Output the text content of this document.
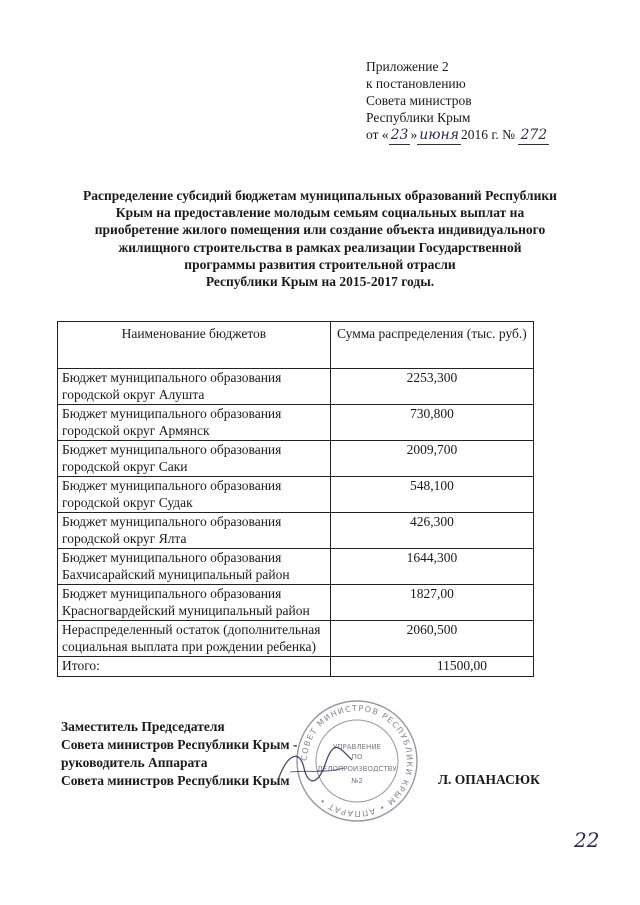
Приложение 2
к постановлению
Совета министров
Республики Крым
от « 23 » июня 2016 г. № 272
Распределение субсидий бюджетам муниципальных образований Республики
Крым на предоставление молодым семьям социальных выплат на
приобретение жилого помещения или создание объекта индивидуального
жилищного строительства в рамках реализации Государственной
программы развития строительной отрасли
Республики Крым на 2015-2017 годы.
Наименование бюджетов	Сумма распределения (тыс. руб.)
Бюджет муниципального образования городской округ Алушта	2253,300
Бюджет муниципального образования городской округ Армянск	730,800
Бюджет муниципального образования городской округ Саки	2009,700
Бюджет муниципального образования городской округ Судак	548,100
Бюджет муниципального образования городской округ Ялта	426,300
Бюджет муниципального образования Бахчисарайский муниципальный район	1644,300
Бюджет муниципального образования Красногвардейский муниципальный район	1827,00
Нераспределенный остаток (дополнительная социальная выплата при рождении ребенка)	2060,500
Итого:	11500,00
СОВЕТ МИНИСТРОВ РЕСПУБЛИКИ КРЫМ • АППАРАТ •
УПРАВЛЕНИЕ
ПО
ДЕЛОПРОИЗВОДСТВУ
№2
Заместитель Председателя
Совета министров Республики Крым -
руководитель Аппарата
Совета министров Республики Крым	Л. ОПАНАСЮК
22
